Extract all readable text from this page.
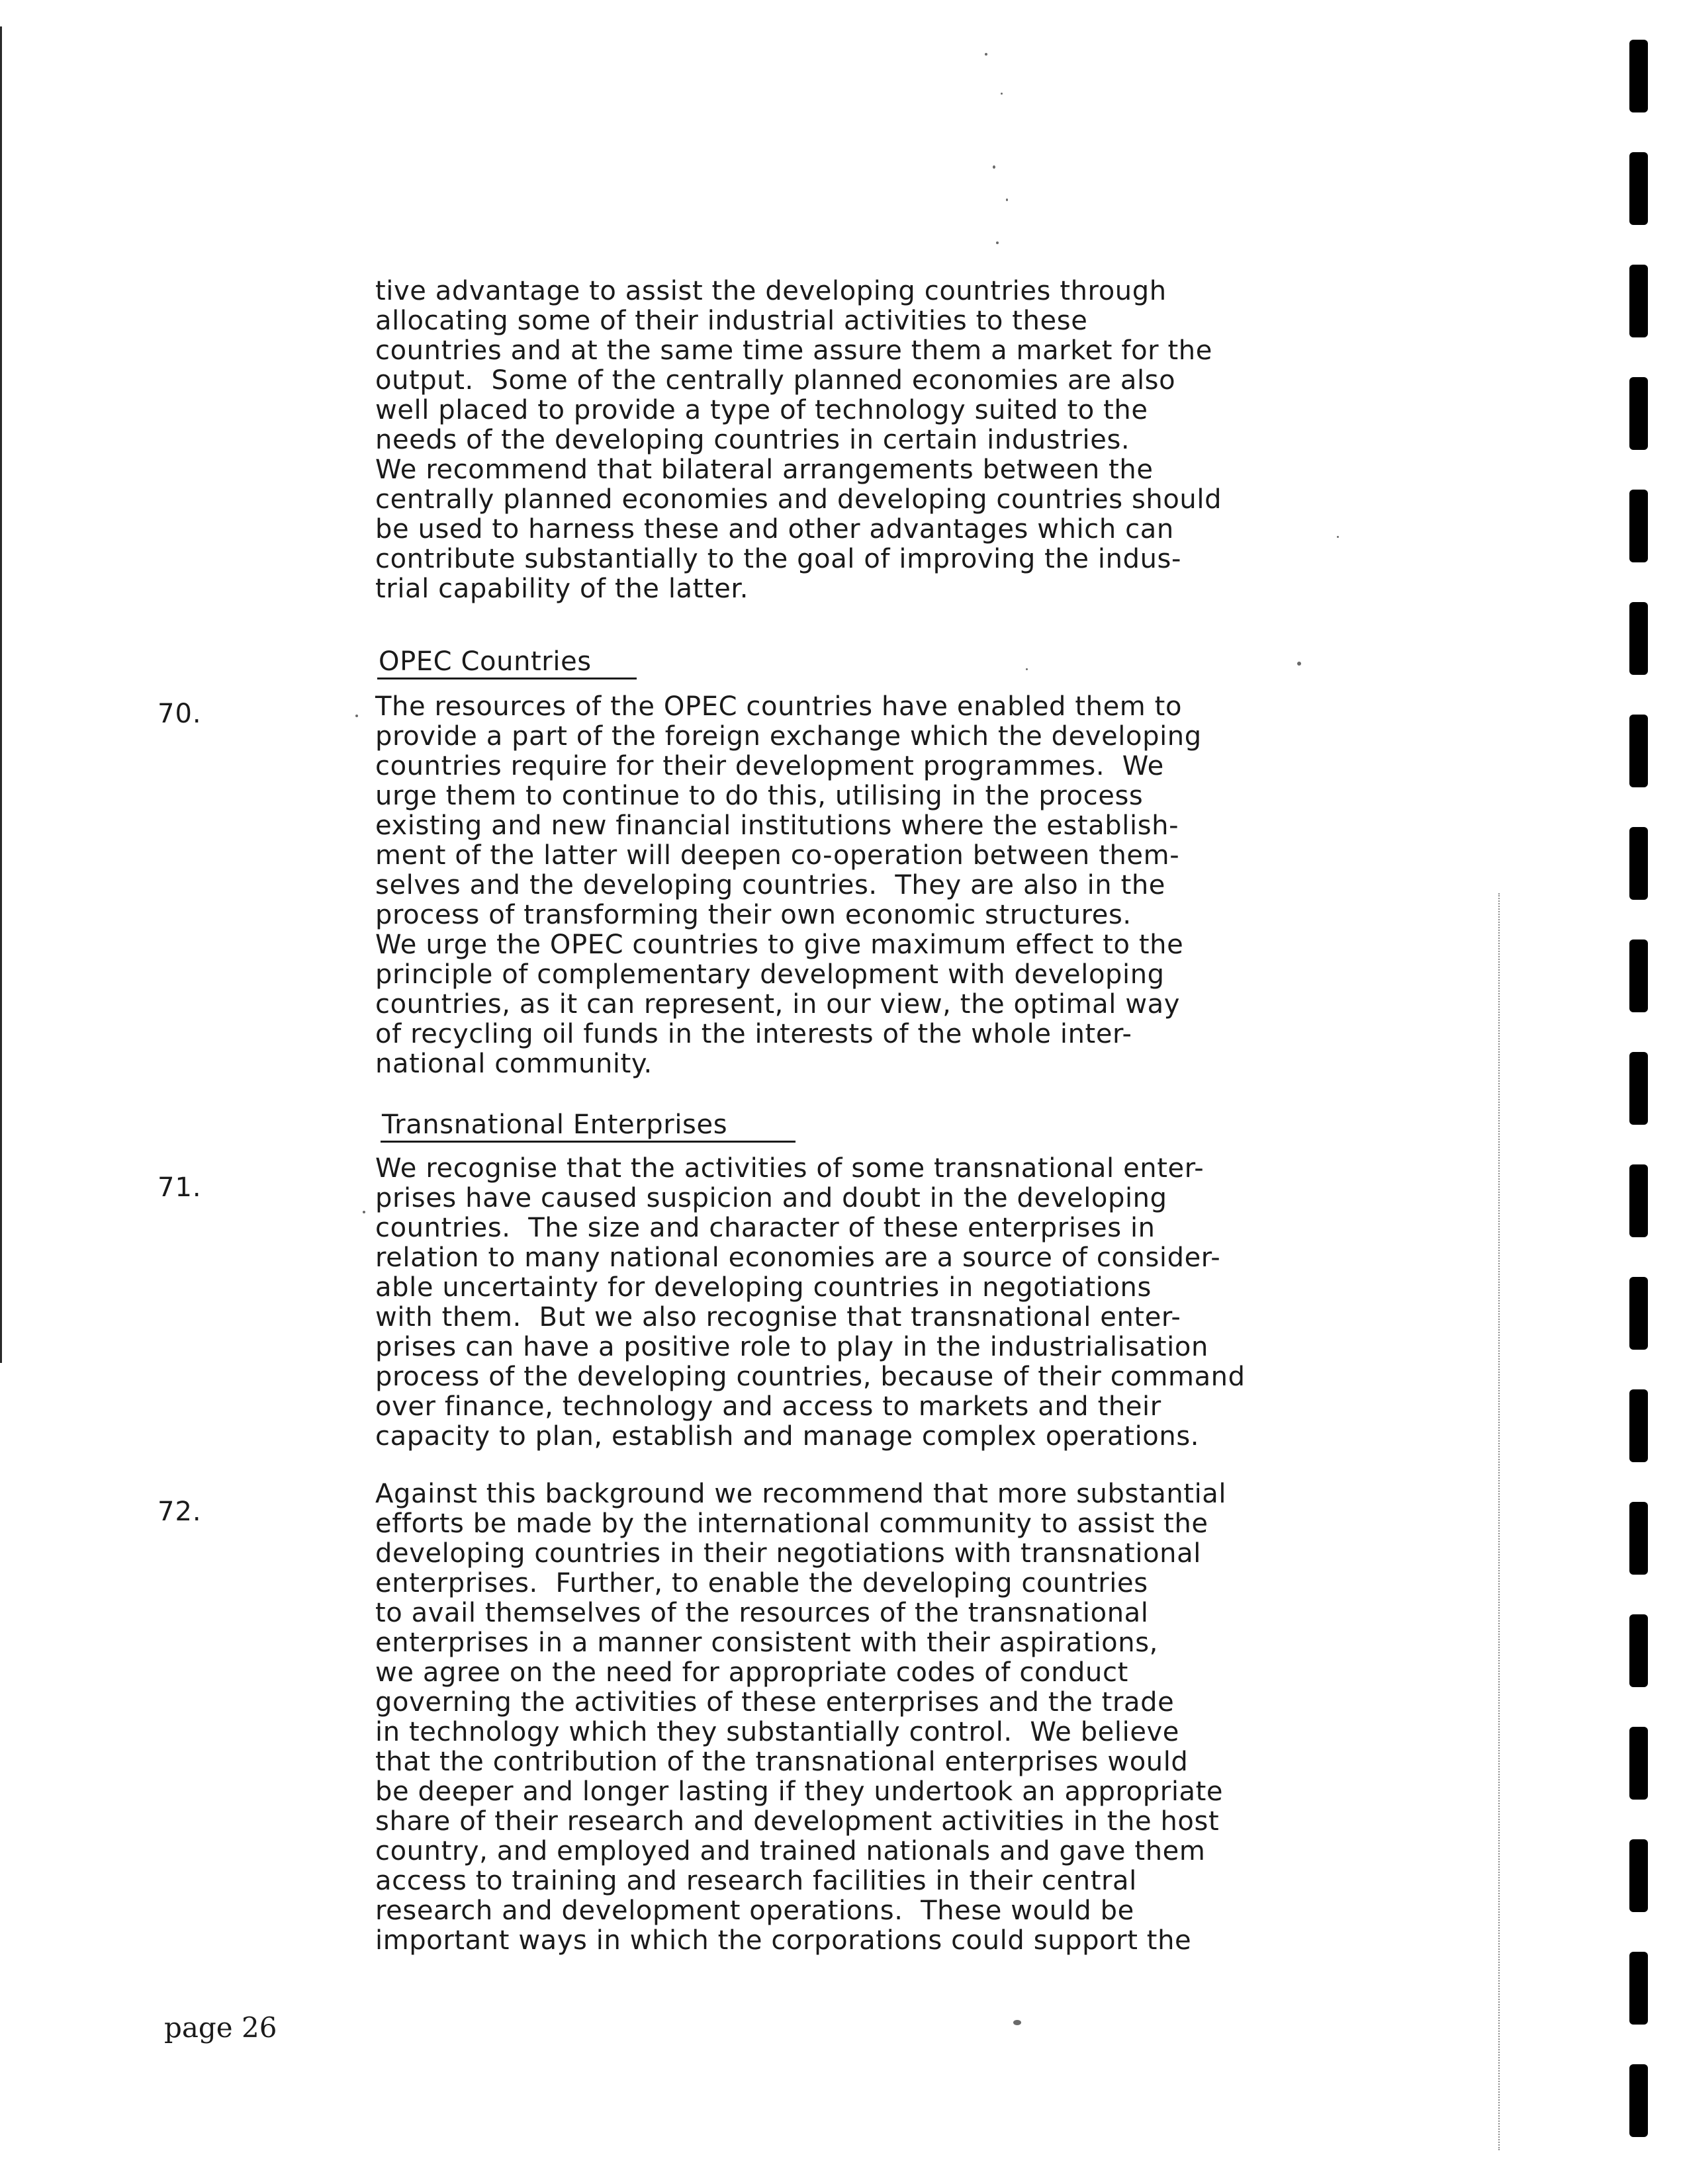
tive advantage to assist the developing countries through
allocating some of their industrial activities to these
countries and at the same time assure them a market for the
output.  Some of the centrally planned economies are also
well placed to provide a type of technology suited to the
needs of the developing countries in certain industries.
We recommend that bilateral arrangements between the
centrally planned economies and developing countries should
be used to harness these and other advantages which can
contribute substantially to the goal of improving the indus-
trial capability of the latter.
OPEC Countries
70.	The resources of the OPEC countries have enabled them to
provide a part of the foreign exchange which the developing
countries require for their development programmes.  We
urge them to continue to do this, utilising in the process
existing and new financial institutions where the establish-
ment of the latter will deepen co-operation between them-
selves and the developing countries.  They are also in the
process of transforming their own economic structures.
We urge the OPEC countries to give maximum effect to the
principle of complementary development with developing
countries, as it can represent, in our view, the optimal way
of recycling oil funds in the interests of the whole inter-
national community.
Transnational Enterprises
71.
We recognise that the activities of some transnational enter-
prises have caused suspicion and doubt in the developing
countries.  The size and character of these enterprises in
relation to many national economies are a source of consider-
able uncertainty for developing countries in negotiations
with them.  But we also recognise that transnational enter-
prises can have a positive role to play in the industrialisation
process of the developing countries, because of their command
over finance, technology and access to markets and their
capacity to plan, establish and manage complex operations.
72.
Against this background we recommend that more substantial
efforts be made by the international community to assist the
developing countries in their negotiations with transnational
enterprises.  Further, to enable the developing countries
to avail themselves of the resources of the transnational
enterprises in a manner consistent with their aspirations,
we agree on the need for appropriate codes of conduct
governing the activities of these enterprises and the trade
in technology which they substantially control.  We believe
that the contribution of the transnational enterprises would
be deeper and longer lasting if they undertook an appropriate
share of their research and development activities in the host
country, and employed and trained nationals and gave them
access to training and research facilities in their central
research and development operations.  These would be
important ways in which the corporations could support the
page 26
